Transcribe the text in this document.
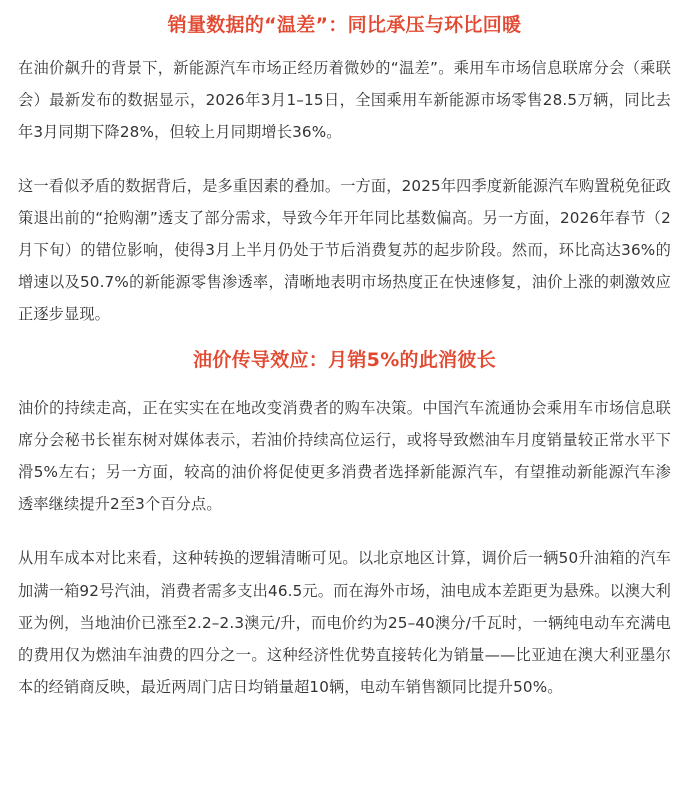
销量数据的“温差”：同比承压与环比回暖

在油价飙升的背景下，新能源汽车市场正经历着微妙的“温差”。乘用车市场信息联席分会（乘联会）最新发布的数据显示，2026年3月1–15日，全国乘用车新能源市场零售28.5万辆，同比去年3月同期下降28%，但较上月同期增长36%。

这一看似矛盾的数据背后，是多重因素的叠加。一方面，2025年四季度新能源汽车购置税免征政策退出前的“抢购潮”透支了部分需求，导致今年开年同比基数偏高。另一方面，2026年春节（2月下旬）的错位影响，使得3月上半月仍处于节后消费复苏的起步阶段。然而，环比高达36%的增速以及50.7%的新能源零售渗透率，清晰地表明市场热度正在快速修复，油价上涨的刺激效应正逐步显现。

油价传导效应：月销5%的此消彼长

油价的持续走高，正在实实在在地改变消费者的购车决策。中国汽车流通协会乘用车市场信息联席分会秘书长崔东树对媒体表示，若油价持续高位运行，或将导致燃油车月度销量较正常水平下滑5%左右；另一方面，较高的油价将促使更多消费者选择新能源汽车，有望推动新能源汽车渗透率继续提升2至3个百分点。

从用车成本对比来看，这种转换的逻辑清晰可见。以北京地区计算，调价后一辆50升油箱的汽车加满一箱92号汽油，消费者需多支出46.5元。而在海外市场，油电成本差距更为悬殊。以澳大利亚为例，当地油价已涨至2.2–2.3澳元/升，而电价约为25–40澳分/千瓦时，一辆纯电动车充满电的费用仅为燃油车油费的四分之一。这种经济性优势直接转化为销量——比亚迪在澳大利亚墨尔本的经销商反映，最近两周门店日均销量超10辆，电动车销售额同比提升50%。
